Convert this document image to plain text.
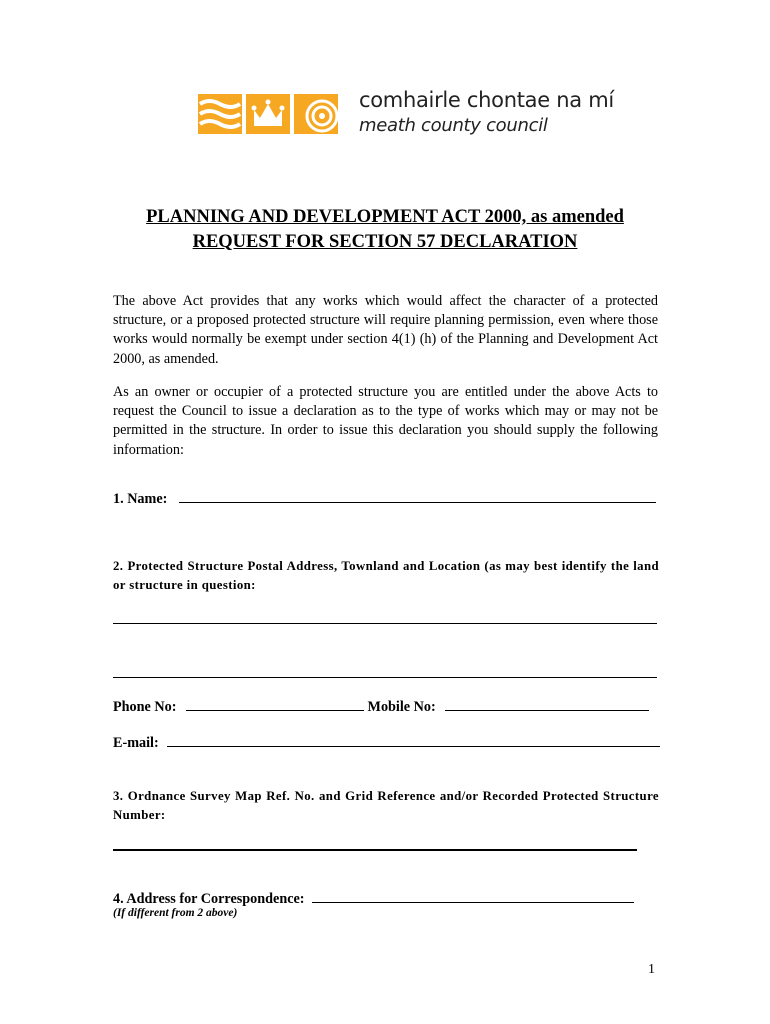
comhairle chontae na mí
meath county council
PLANNING AND DEVELOPMENT ACT 2000, as amended
REQUEST FOR SECTION 57 DECLARATION
The above Act provides that any works which would affect the character of a protected structure, or a proposed protected structure will require planning permission, even where those works would normally be exempt under section 4(1) (h) of the Planning and Development Act 2000, as amended.
As an owner or occupier of a protected structure you are entitled under the above Acts to request the Council to issue a declaration as to the type of works which may or may not be permitted in the structure. In order to issue this declaration you should supply the following information:
1. Name:
2. Protected Structure Postal Address, Townland and Location (as may best identify the land or structure in question:
Phone No:	Mobile No:
E-mail:
3. Ordnance Survey Map Ref. No. and Grid Reference and/or Recorded Protected Structure Number:
4. Address for Correspondence:
(If different from 2 above)
1
